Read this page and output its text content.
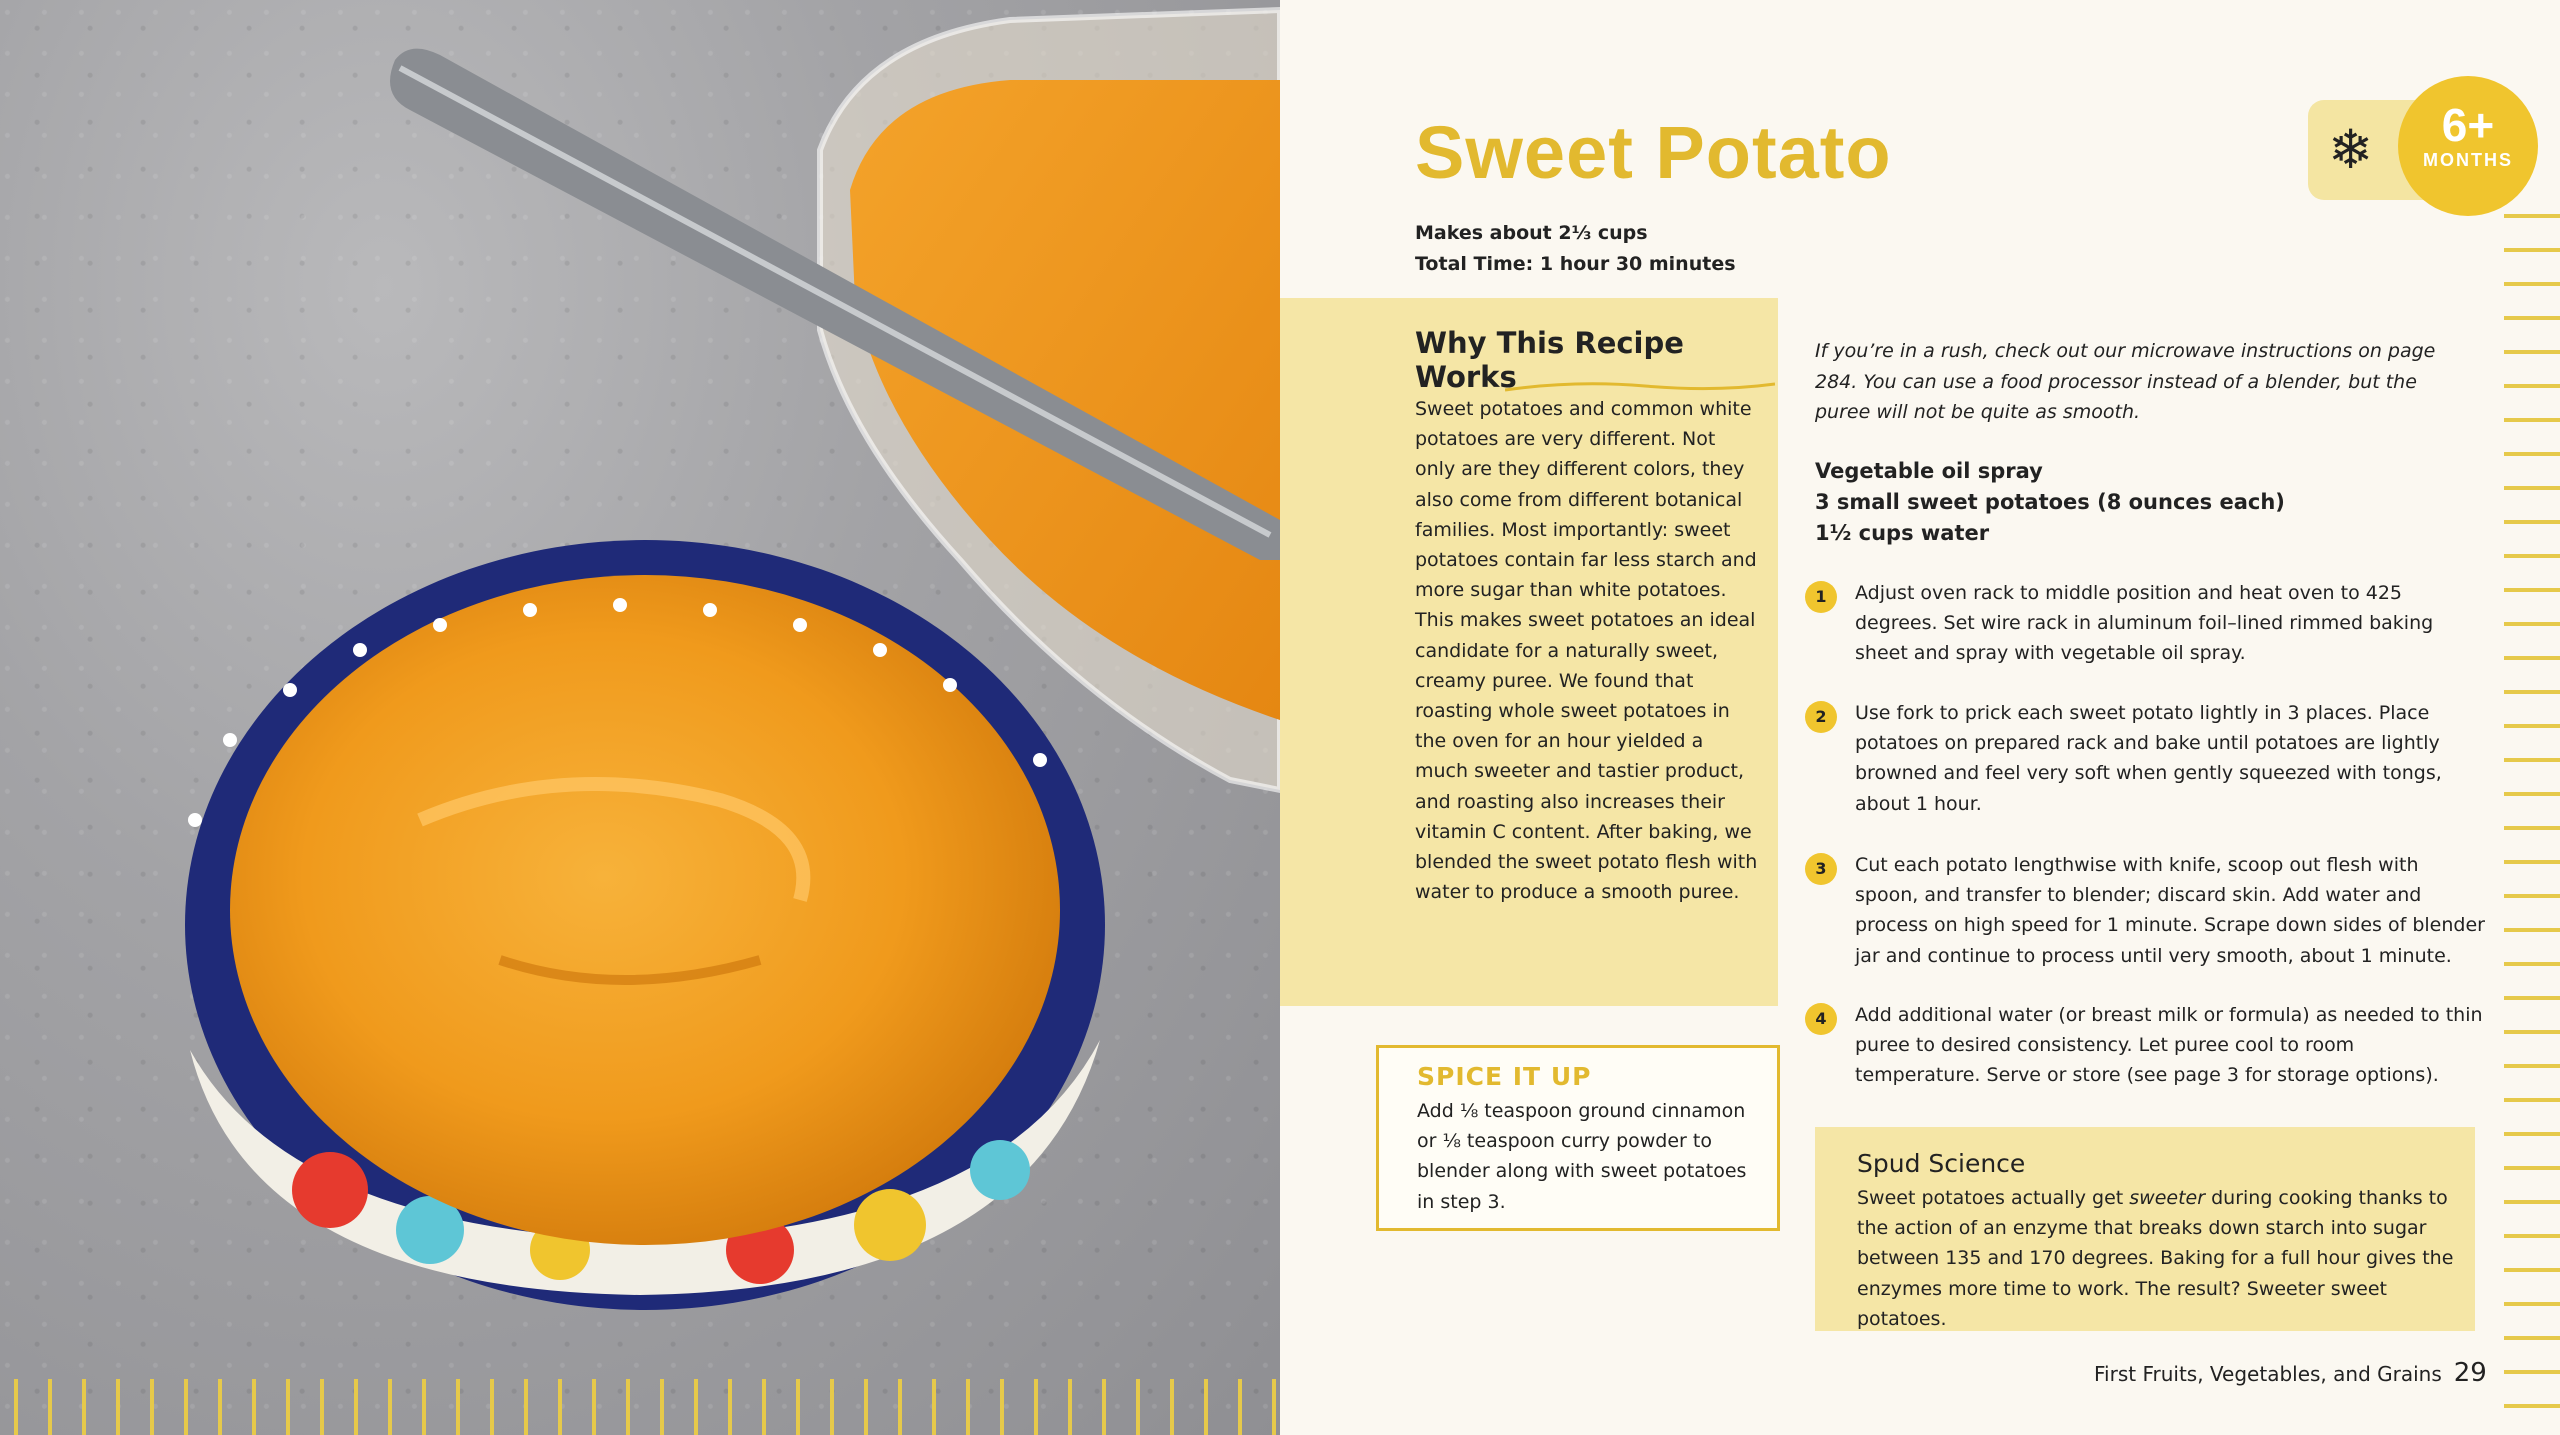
Sweet Potato
Makes about 2⅓ cups
Total Time: 1 hour 30 minutes
❄	6+
MONTHS
Why This Recipe Works

Sweet potatoes and common white potatoes are very different. Not only are they different colors, they also come from different botanical families. Most importantly: sweet potatoes contain far less starch and more sugar than white potatoes. This makes sweet potatoes an ideal candidate for a naturally sweet, creamy puree. We found that roasting whole sweet potatoes in the oven for an hour yielded a much sweeter and tastier product, and roasting also increases their vitamin C content. After baking, we blended the sweet potato flesh with water to produce a smooth puree.

SPICE IT UP

Add ⅛ teaspoon ground cinnamon or ⅛ teaspoon curry powder to blender along with sweet potatoes in step 3.

If you’re in a rush, check out our microwave instructions on page 284. You can use a food processor instead of a blender, but the puree will not be quite as smooth.
Vegetable oil spray
3 small sweet potatoes (8 ounces each)
1½ cups water
1	Adjust oven rack to middle position and heat oven to 425 degrees. Set wire rack in aluminum foil–lined rimmed baking sheet and spray with vegetable oil spray.
2	Use fork to prick each sweet potato lightly in 3 places. Place potatoes on prepared rack and bake until potatoes are lightly browned and feel very soft when gently squeezed with tongs, about 1 hour.
3	Cut each potato lengthwise with knife, scoop out flesh with spoon, and transfer to blender; discard skin. Add water and process on high speed for 1 minute. Scrape down sides of blender jar and continue to process until very smooth, about 1 minute.
4	Add additional water (or breast milk or formula) as needed to thin puree to desired consistency. Let puree cool to room temperature. Serve or store (see page 3 for storage options).
Spud Science

Sweet potatoes actually get sweeter during cooking thanks to the action of an enzyme that breaks down starch into sugar between 135 and 170 degrees. Baking for a full hour gives the enzymes more time to work. The result? Sweeter sweet potatoes.

First Fruits, Vegetables, and Grains 29
